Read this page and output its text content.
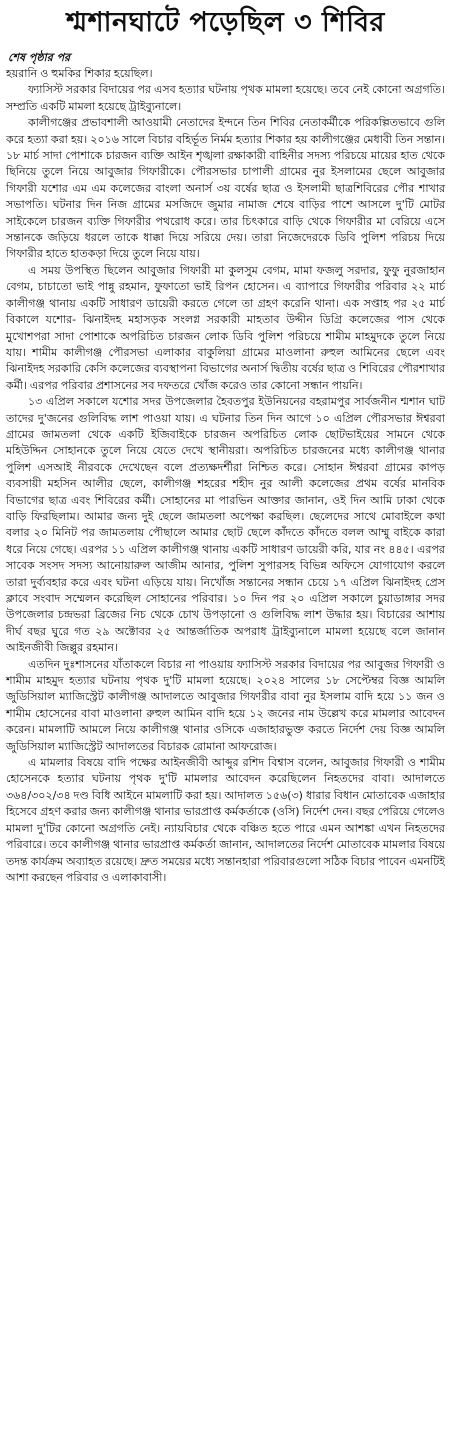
শ্মশানঘাটে পড়েছিল ৩ শিবির

শেষ পৃষ্ঠার পর

হয়রানি ও হুমকির শিকার হয়েছিল।

ফ্যাসিস্ট সরকার বিদায়ের পর এসব হত্যার ঘটনায় পৃথক মামলা হয়েছে। তবে নেই কোনো অগ্রগতি। সম্প্রতি একটি মামলা হয়েছে ট্রাইব্যুনালে।

কালীগঞ্জের প্রভাবশালী আওয়ামী নেতাদের ইন্দনে তিন শিবির নেতাকর্মীকে পরিকল্পিতভাবে গুলি করে হত্যা করা হয়। ২০১৬ সালে বিচার বহির্ভূত নির্মম হত্যার শিকার হয় কালীগঞ্জের মেধাবী তিন সন্তান। ১৮ মার্চ সাদা পোশাকে চারজন ব্যক্তি আইন শৃঙ্খলা রক্ষাকারী বাহিনীর সদস্য পরিচয়ে মায়ের হাত থেকে ছিনিয়ে তুলে নিয়ে আবুজার গিফারীকে। পৌরসভার চাপালী গ্রামের নুর ইসলামের ছেলে আবুজার গিফারী যশোর এম এম কলেজের বাংলা অনার্স ৩য় বর্ষের ছাত্র ও ইসলামী ছাত্রশিবিরের পৌর শাখার সভাপতি। ঘটনার দিন নিজ গ্রামের মসজিদে জুমার নামাজ শেষে বাড়ির পাশে আসলে দু'টি মোটর সাইকেলে চারজন ব্যক্তি গিফারীর পথরোধ করে। তার চিৎকারে বাড়ি থেকে গিফারীর মা বেরিয়ে এসে সন্তানকে জড়িয়ে ধরলে তাকে ধাক্কা দিয়ে সরিয়ে দেয়। তারা নিজেদেরকে ডিবি পুলিশ পরিচয় দিয়ে গিফারীর হাতে হাতকড়া দিয়ে তুলে নিয়ে যায়।

এ সময় উপস্থিত ছিলেন আবুজার গিফারী মা কুলসুম বেগম, মামা ফজলু সরদার, ফুফু নুরজাহান বেগম, চাচাতো ভাই পান্নু রহমান, ফুফাতো ভাই রিপন হোসেন। এ ব্যাপারে গিফারীর পরিবার ২২ মার্চ কালীগঞ্জ থানায় একটি সাধারণ ডায়েরী করতে গেলে তা গ্রহণ করেনি থানা। এক সপ্তাহ পর ২৫ মার্চ বিকালে যশোর- ঝিনাইদহ মহাসড়ক সংলগ্ন সরকারী মাহতাব উদ্দীন ডিগ্রি কলেজের পাস থেকে মুখোশপরা সাদা পোশাকে অপরিচিত চারজন লোক ডিবি পুলিশ পরিচয়ে শামীম মাহমুদকে তুলে নিয়ে যায়। শামীম কালীগঞ্জ পৌরসভা এলাকার বাকুলিয়া গ্রামের মাওলানা রুহুল আমিনের ছেলে এবং ঝিনাইদহ সরকারি কেসি কলেজের ব্যবস্থাপনা বিভাগের অনার্স দ্বিতীয় বর্ষের ছাত্র ও শিবিরের পৌরশাখার কর্মী। এরপর পরিবার প্রশাসনের সব দফতরে খোঁজ করেও তার কোনো সন্ধান পায়নি।

১৩ এপ্রিল সকালে যশোর সদর উপজেলার হৈবতপুর ইউনিয়নের বহরামপুর সার্বজনীন শ্মশান ঘাট তাদের দু'জনের গুলিবিদ্ধ লাশ পাওয়া যায়। এ ঘটনার তিন দিন আগে ১০ এপ্রিল পৌরসভার ঈশ্বরবা গ্রামের জামতলা থেকে একটি ইজিবাইকে চারজন অপরিচিত লোক ছোটভাইয়ের সামনে থেকে মহিউদ্দিন সোহানকে তুলে নিয়ে যেতে দেখে স্থানীয়রা। অপরিচিত চারজনের মধ্যে কালীগঞ্জ থানার পুলিশ এসআই নীরবকে দেখেছেন বলে প্রত্যক্ষদর্শীরা নিশ্চিত করে। সোহান ঈশ্বরবা গ্রামের কাপড় ব্যবসায়ী মহসিন আলীর ছেলে, কালীগঞ্জ শহরের শহীদ নুর আলী কলেজের প্রথম বর্ষের মানবিক বিভাগের ছাত্র এবং শিবিরের কর্মী। সোহানের মা পারভিন আক্তার জানান, ওই দিন আমি ঢাকা থেকে বাড়ি ফিরছিলাম। আমার জন্য দুই ছেলে জামতলা অপেক্ষা করছিল। ছেলেদের সাথে মোবাইলে কথা বলার ২০ মিনিট পর জামতলায় পৌছালে আমার ছোট ছেলে কাঁদতে কাঁদতে বলল আম্মু বাইকে কারা ধরে নিয়ে গেছে। এরপর ১১ এপ্রিল কালীগঞ্জ থানায় একটি সাধারণ ডায়েরী করি, যার নং ৪৪৫। এরপর সাবেক সংসদ সদস্য আনোয়ারুল আজীম আনার, পুলিশ সুপারসহ বিভিন্ন অফিসে যোগাযোগ করলে তারা দুর্ব্যবহার করে এবং ঘটনা এড়িয়ে যায়। নিখোঁজ সন্তানের সন্ধান চেয়ে ১৭ এপ্রিল ঝিনাইদহ প্রেস ক্লাবে সংবাদ সম্মেলন করেছিল সোহানের পরিবার। ১০ দিন পর ২০ এপ্রিল সকালে চুয়াডাঙ্গার সদর উপজেলার চন্দ্রভরা ব্রিজের নিচ থেকে চোখ উপড়ানো ও গুলিবিদ্ধ লাশ উদ্ধার হয়। বিচারের আশায় দীর্ঘ বছর ঘুরে গত ২৯ অক্টোবর ২৫ আন্তর্জাতিক অপরাধ ট্রাইব্যুনালে মামলা হয়েছে বলে জানান আইনজীবী জিল্লুর রহমান।

এতদিন দুঃশাসনের যাঁতাকলে বিচার না পাওয়ায় ফ্যাসিস্ট সরকার বিদায়ের পর আবুজর গিফারী ও শামীম মাহমুদ হত্যার ঘটনায় পৃথক দু'টি মামলা হয়েছে। ২০২৪ সালের ১৮ সেপ্টেম্বর বিজ্ঞ আমলি জুডিসিয়াল ম্যাজিস্ট্রেট কালীগঞ্জ আদালতে আবুজার গিফারীর বাবা নুর ইসলাম বাদি হয়ে ১১ জন ও শামীম হোসেনের বাবা মাওলানা রুহুল আমিন বাদি হয়ে ১২ জনের নাম উল্লেখ করে মামলার আবেদন করেন। মামলাটি আমলে নিয়ে কালীগঞ্জ থানার ওসিকে এজাহারভুক্ত করতে নির্দেশ দেয় বিজ্ঞ আমলি জুডিসিয়াল ম্যাজিস্ট্রেট আদালতের বিচারক রোমানা আফরোজ।

এ মামলার বিষয়ে বাদি পক্ষের আইনজীবী আব্দুর রশিদ বিশ্বাস বলেন, আবুজার গিফারী ও শামীম হোসেনকে হত্যার ঘটনায় পৃথক দু'টি মামলার আবেদন করেছিলেন নিহতদের বাবা। আদালতে ৩৬৪/৩০২/৩৪ দণ্ড বিধি আইনে মামলাটি করা হয়। আদালত ১৫৬(৩) ধারার বিধান মোতাবেক এজাহার হিসেবে গ্রহণ করার জন্য কালীগঞ্জ থানার ভারপ্রাপ্ত কর্মকর্তাকে (ওসি) নির্দেশ দেন। বছর পেরিয়ে গেলেও মামলা দু'টির কোনো অগ্রগতি নেই। ন্যায়বিচার থেকে বঞ্চিত হতে পারে এমন আশঙ্কা এখন নিহতদের পরিবারে। তবে কালীগঞ্জ থানার ভারপ্রাপ্ত কর্মকর্তা জানান, আদালতের নির্দেশ মোতাবেক মামলার বিষয়ে তদন্ত কার্যক্রম অব্যাহত রয়েছে। দ্রুত সময়ের মধ্যে সন্তানহারা পরিবারগুলো সঠিক বিচার পাবেন এমনটিই আশা করছেন পরিবার ও এলাকাবাসী।
